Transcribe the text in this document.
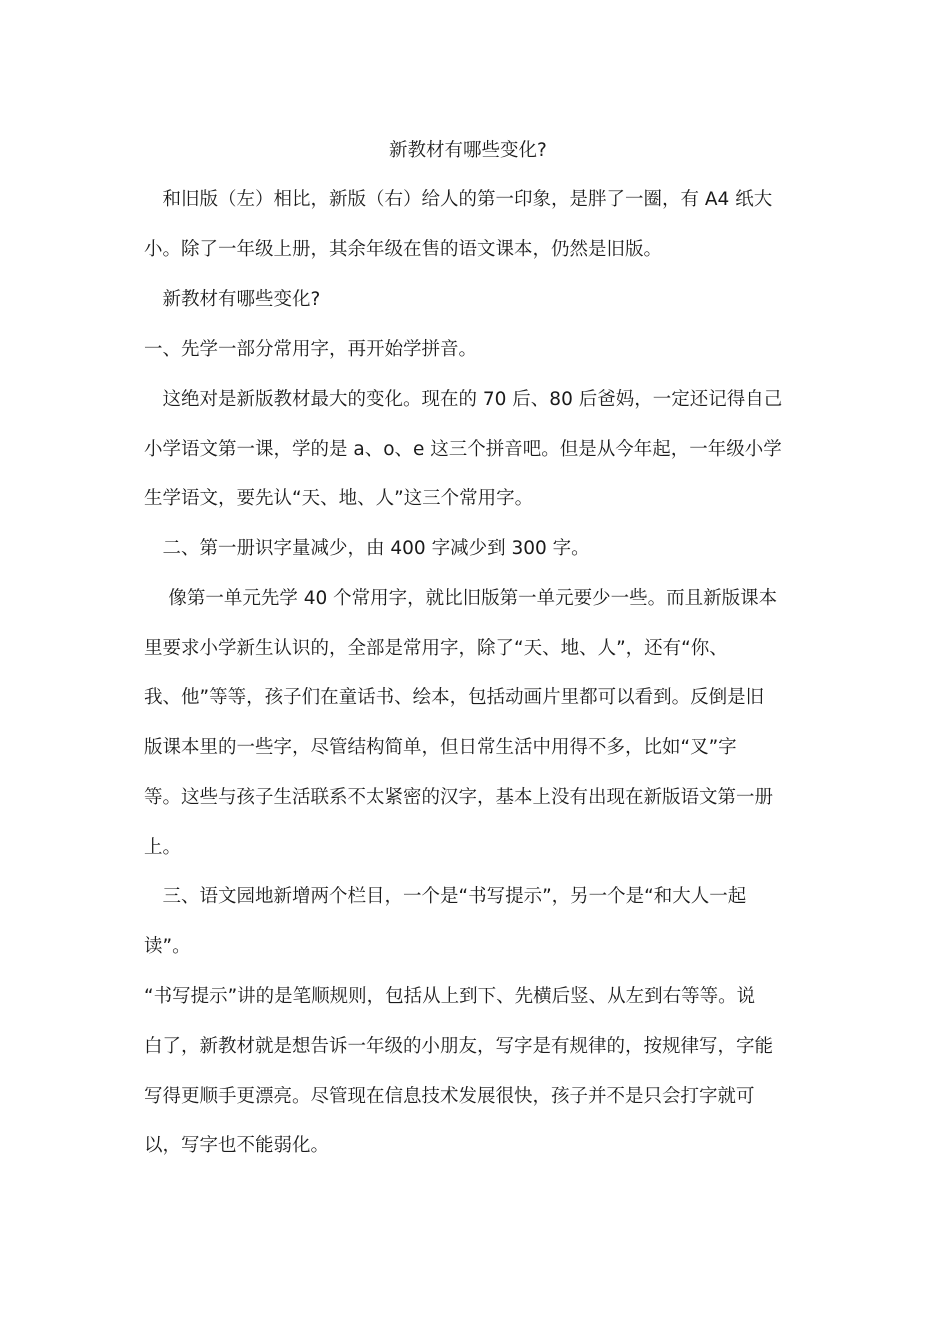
新教材有哪些变化?
　和旧版（左）相比，新版（右）给人的第一印象，是胖了一圈，有 A4 纸大
小。除了一年级上册，其余年级在售的语文课本，仍然是旧版。
　新教材有哪些变化?
一、先学一部分常用字，再开始学拼音。
　这绝对是新版教材最大的变化。现在的 70 后、80 后爸妈，一定还记得自己
小学语文第一课，学的是 a、o、e 这三个拼音吧。但是从今年起，一年级小学
生学语文，要先认“天、地、人”这三个常用字。
　二、第一册识字量减少，由 400 字减少到 300 字。
　 像第一单元先学 40 个常用字，就比旧版第一单元要少一些。而且新版课本
里要求小学新生认识的，全部是常用字，除了“天、地、人”，还有“你、
我、他”等等，孩子们在童话书、绘本，包括动画片里都可以看到。反倒是旧
版课本里的一些字，尽管结构简单，但日常生活中用得不多，比如“叉”字
等。这些与孩子生活联系不太紧密的汉字，基本上没有出现在新版语文第一册
上。
　三、语文园地新增两个栏目，一个是“书写提示”，另一个是“和大人一起
读”。
“书写提示”讲的是笔顺规则，包括从上到下、先横后竖、从左到右等等。说
白了，新教材就是想告诉一年级的小朋友，写字是有规律的，按规律写，字能
写得更顺手更漂亮。尽管现在信息技术发展很快，孩子并不是只会打字就可
以，写字也不能弱化。
